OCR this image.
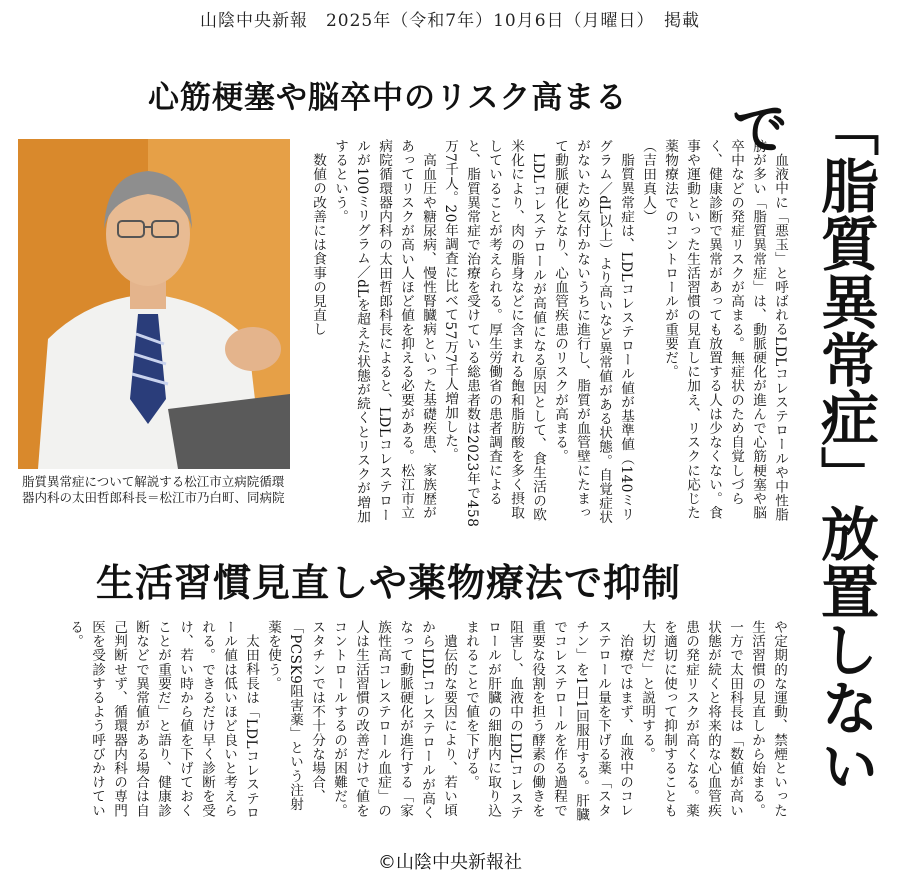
山陰中央新報　2025年（令和7年）10月6日（月曜日）　掲載
心筋梗塞や脳卒中のリスク高まる	「脂質異常症」放置しないで
脂質異常症について解説する松江市立病院循環器内科の太田哲郎科長＝松江市乃白町、同病院	血液中に「悪玉」と呼ばれるLDLコレステロールや中性脂肪が多い「脂質異常症」は、動脈硬化が進んで心筋梗塞や脳卒中などの発症リスクが高まる。無症状のため自覚しづらく、健康診断で異常があっても放置する人は少なくない。食事や運動といった生活習慣の見直しに加え、リスクに応じた薬物療法でのコントロールが重要だ。

（吉田真人）

脂質異常症は、LDLコレステロール値が基準値（140ミリグラム／dL以上）より高いなど異常値がある状態。自覚症状がないため気付かないうちに進行し、脂質が血管壁にたまって動脈硬化となり、心血管疾患のリスクが高まる。

LDLコレステロールが高値になる原因として、食生活の欧米化により、肉の脂身などに含まれる飽和脂肪酸を多く摂取していることが考えられる。厚生労働省の患者調査によると、脂質異常症で治療を受けている総患者数は2023年で458万7千人。20年調査に比べて57万7千人増加した。

高血圧や糖尿病、慢性腎臓病といった基礎疾患、家族歴があってリスクが高い人ほど値を抑える必要がある。松江市立病院循環器内科の太田哲郎科長によると、LDLコレステロールが100ミリグラム／dLを超えた状態が続くとリスクが増加するという。

数値の改善には食事の見直し

生活習慣見直しや薬物療法で抑制

や定期的な運動、禁煙といった生活習慣の見直しから始まる。一方で太田科長は「数値が高い状態が続くと将来的な心血管疾患の発症リスクが高くなる。薬を適切に使って抑制することも大切だ」と説明する。

治療ではまず、血液中のコレステロール量を下げる薬「スタチン」を1日1回服用する。肝臓でコレステロールを作る過程で重要な役割を担う酵素の働きを阻害し、血液中のLDLコレステロールが肝臓の細胞内に取り込まれることで値を下げる。

遺伝的な要因により、若い頃からLDLコレステロールが高くなって動脈硬化が進行する「家族性高コレステロール血症」の人は生活習慣の改善だけで値をコントロールするのが困難だ。スタチンでは不十分な場合、「PCSK9阻害薬」という注射薬を使う。

太田科長は「LDLコレステロール値は低いほど良いと考えられる。できるだけ早く診断を受け、若い時から値を下げておくことが重要だ」と語り、健康診断などで異常値がある場合は自己判断せず、循環器内科の専門医を受診するよう呼びかけている。

©山陰中央新報社
